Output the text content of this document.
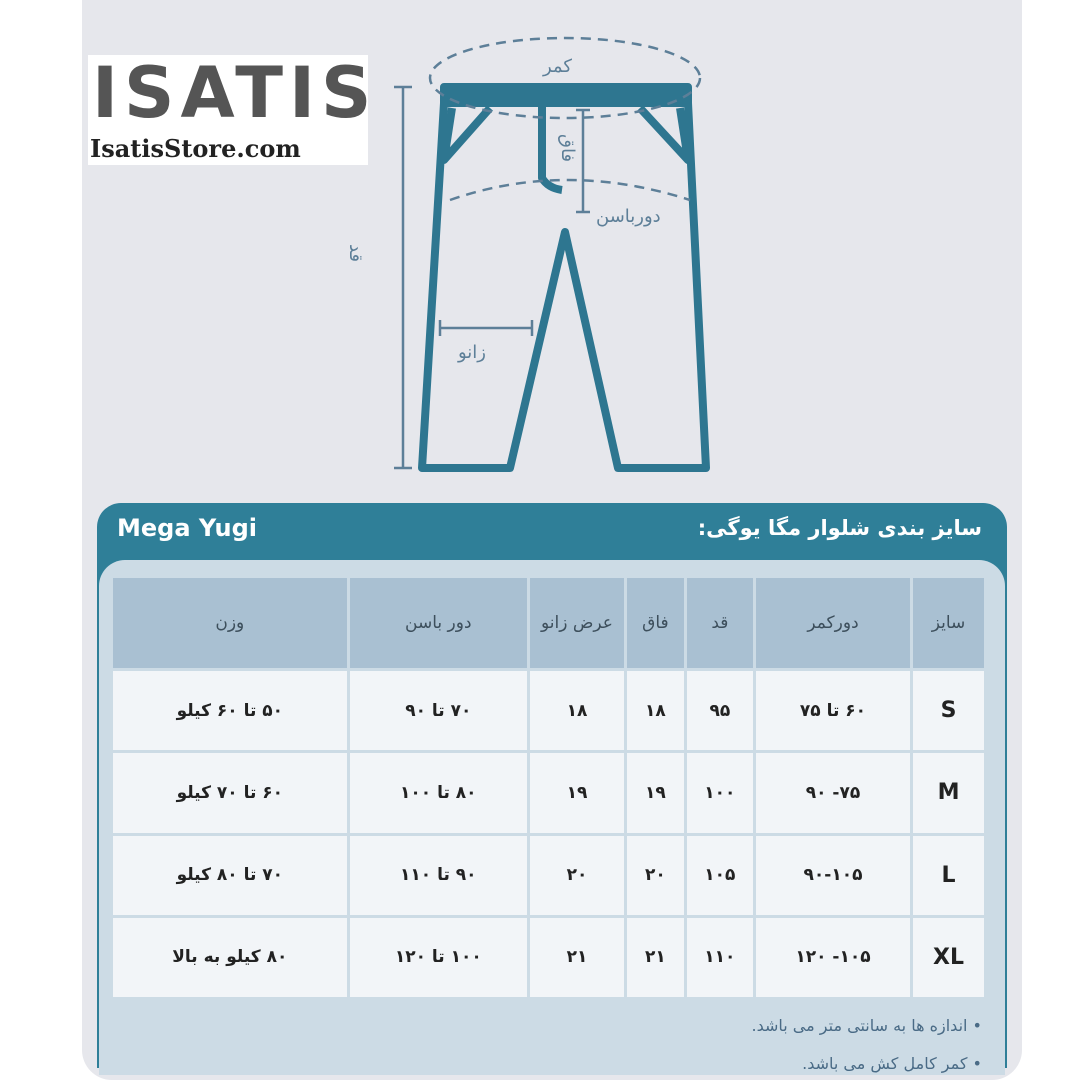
ISATIS
IsatisStore.com
کمر
فاق
دورباسن
قد
زانو
Mega Yugi	سایز بندی شلوار مگا یوگی:
سایز	دورکمر	قد	فاق	عرض زانو	دور باسن	وزن
S	۶۰ تا ۷۵	۹۵	۱۸	۱۸	۷۰ تا ۹۰	۵۰ تا ۶۰ کیلو
M	۷۵- ۹۰	۱۰۰	۱۹	۱۹	۸۰ تا ۱۰۰	۶۰ تا ۷۰ کیلو
L	۹۰-۱۰۵	۱۰۵	۲۰	۲۰	۹۰ تا ۱۱۰	۷۰ تا ۸۰ کیلو
XL	۱۰۵- ۱۲۰	۱۱۰	۲۱	۲۱	۱۰۰ تا ۱۲۰	۸۰ کیلو به بالا
• اندازه ها به سانتی متر می باشد.
• کمر کامل کش می باشد.
